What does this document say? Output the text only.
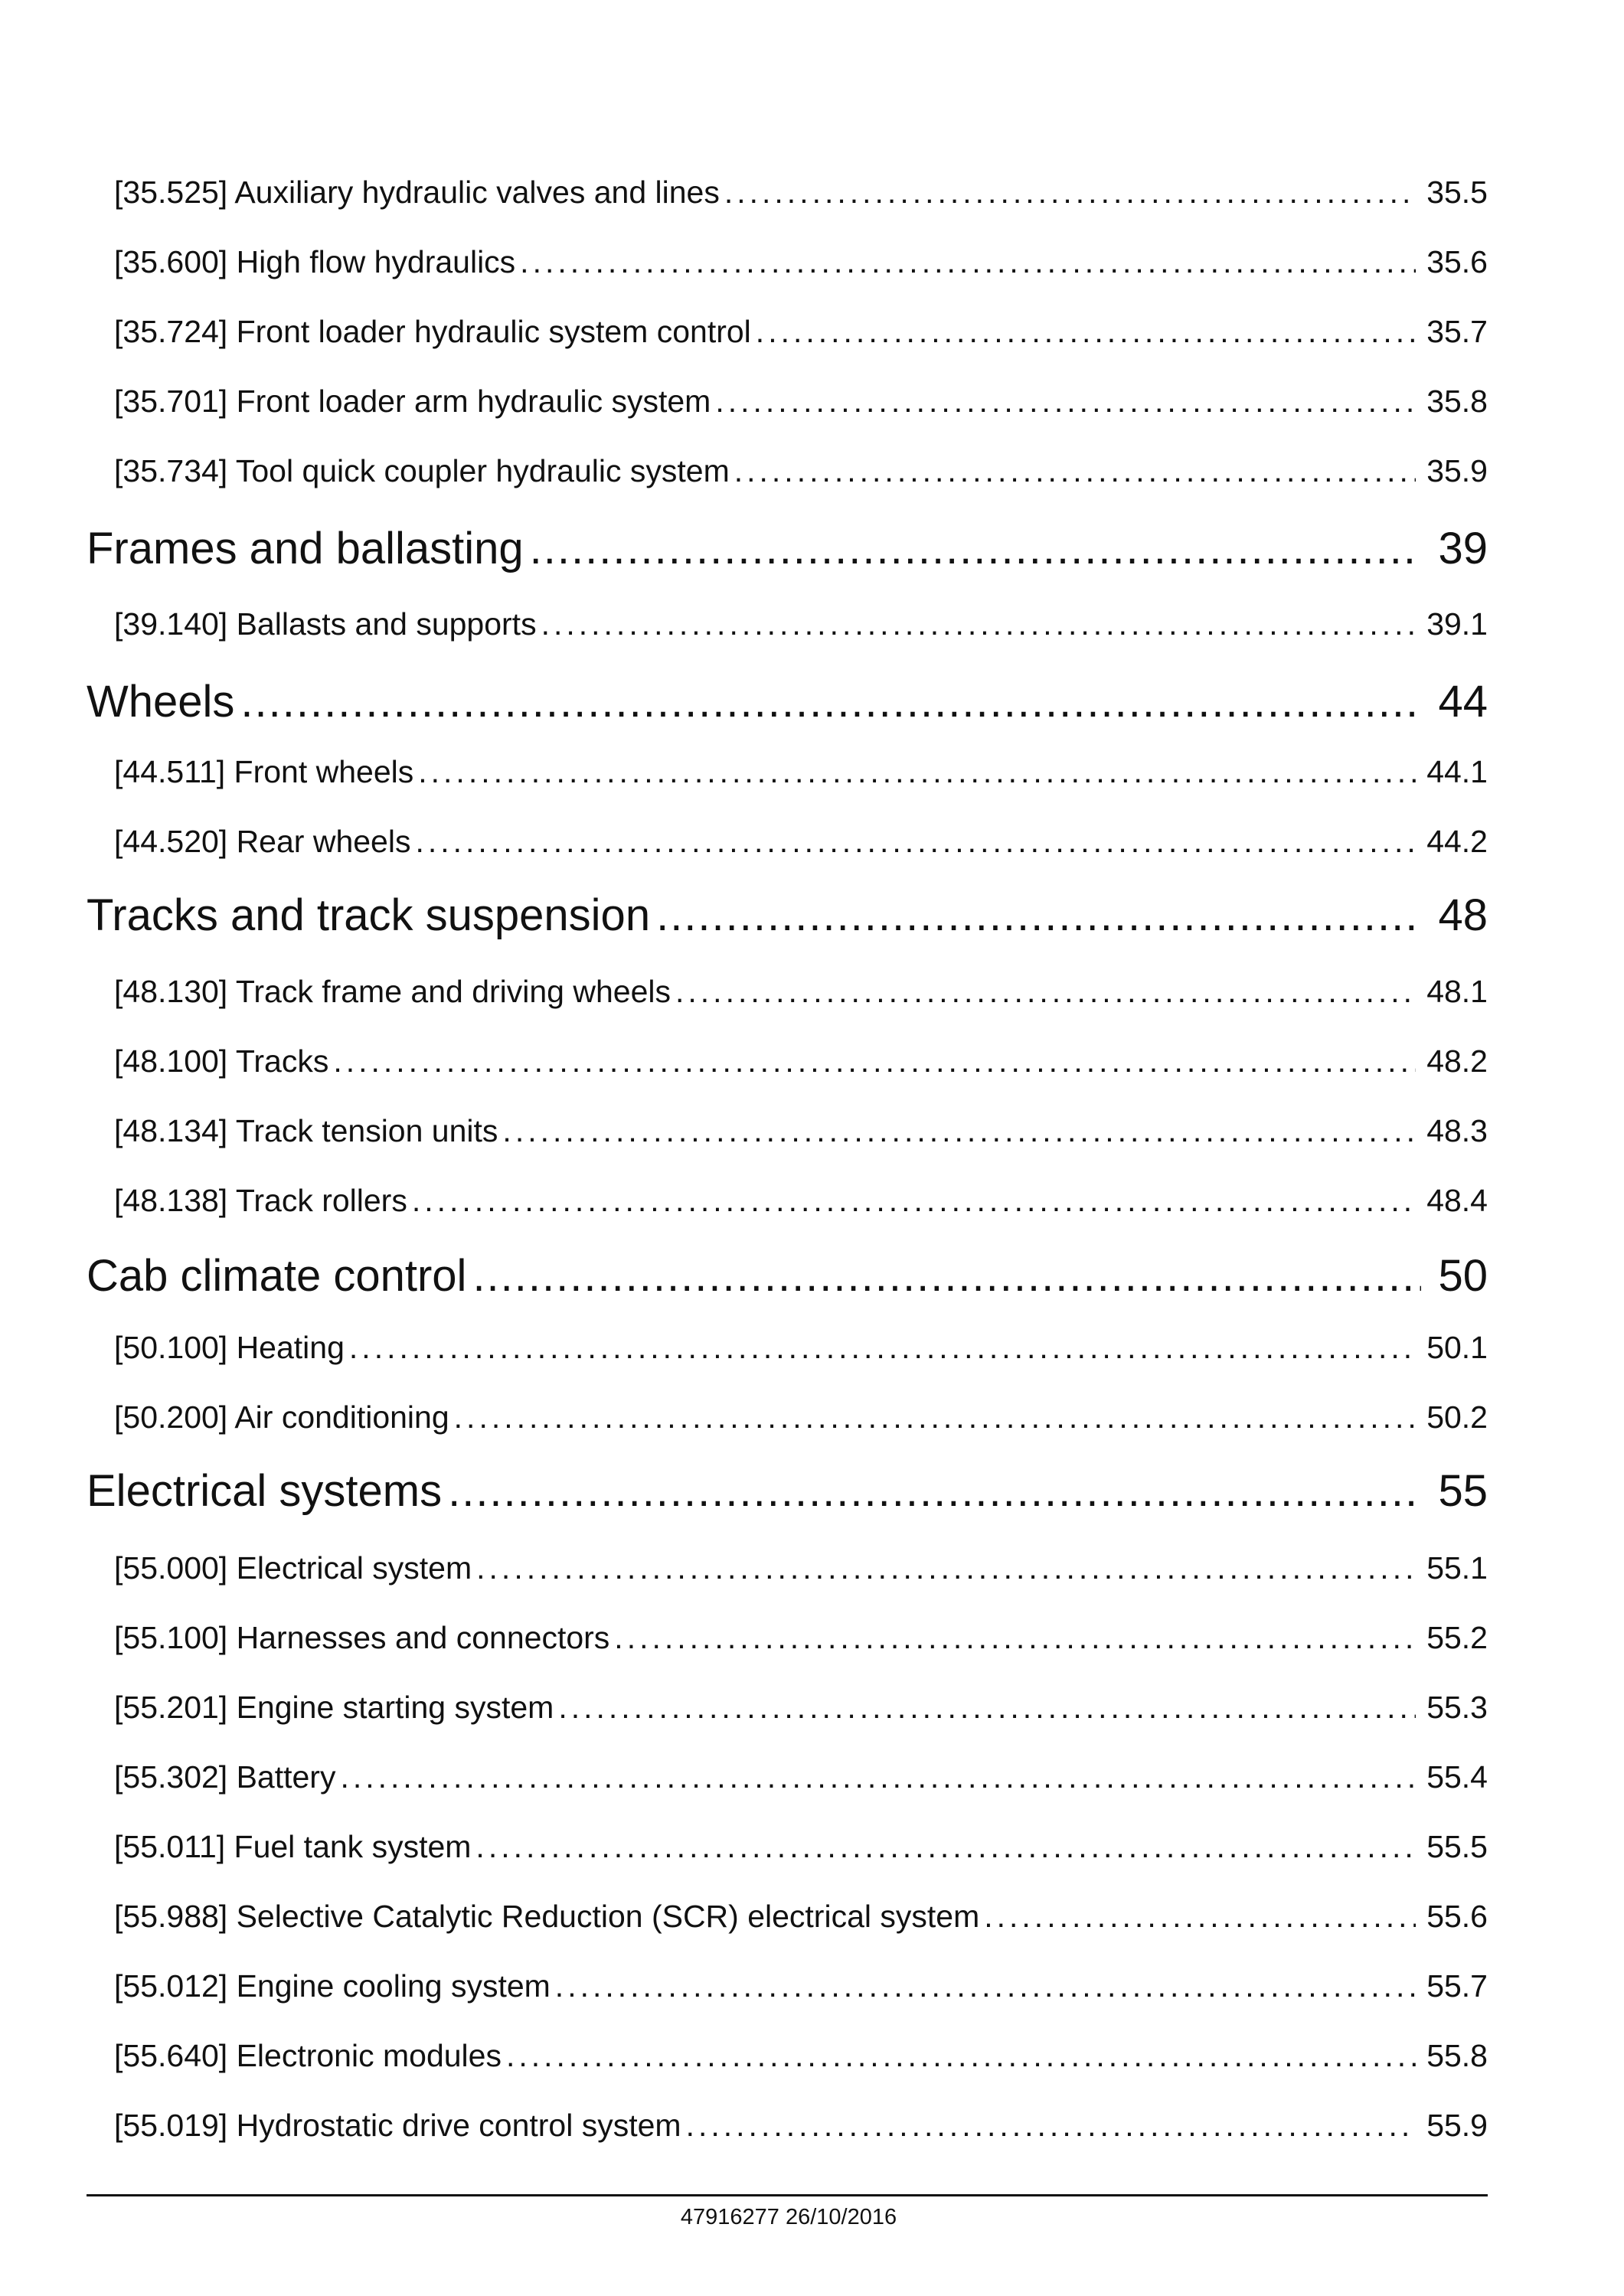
[35.525] Auxiliary hydraulic valves and lines .....	35.5
[35.600] High flow hydraulics .....	35.6
[35.724] Front loader hydraulic system control .....	35.7
[35.701] Front loader arm hydraulic system .....	35.8
[35.734] Tool quick coupler hydraulic system .....	35.9
Frames and ballasting .....	39
[39.140] Ballasts and supports .....	39.1
Wheels .....	44
[44.511] Front wheels .....	44.1
[44.520] Rear wheels .....	44.2
Tracks and track suspension .....	48
[48.130] Track frame and driving wheels .....	48.1
[48.100] Tracks .....	48.2
[48.134] Track tension units .....	48.3
[48.138] Track rollers .....	48.4
Cab climate control .....	50
[50.100] Heating .....	50.1
[50.200] Air conditioning .....	50.2
Electrical systems .....	55
[55.000] Electrical system .....	55.1
[55.100] Harnesses and connectors .....	55.2
[55.201] Engine starting system .....	55.3
[55.302] Battery .....	55.4
[55.011] Fuel tank system .....	55.5
[55.988] Selective Catalytic Reduction (SCR) electrical system .....	55.6
[55.012] Engine cooling system .....	55.7
[55.640] Electronic modules .....	55.8
[55.019] Hydrostatic drive control system .....	55.9
47916277 26/10/2016
